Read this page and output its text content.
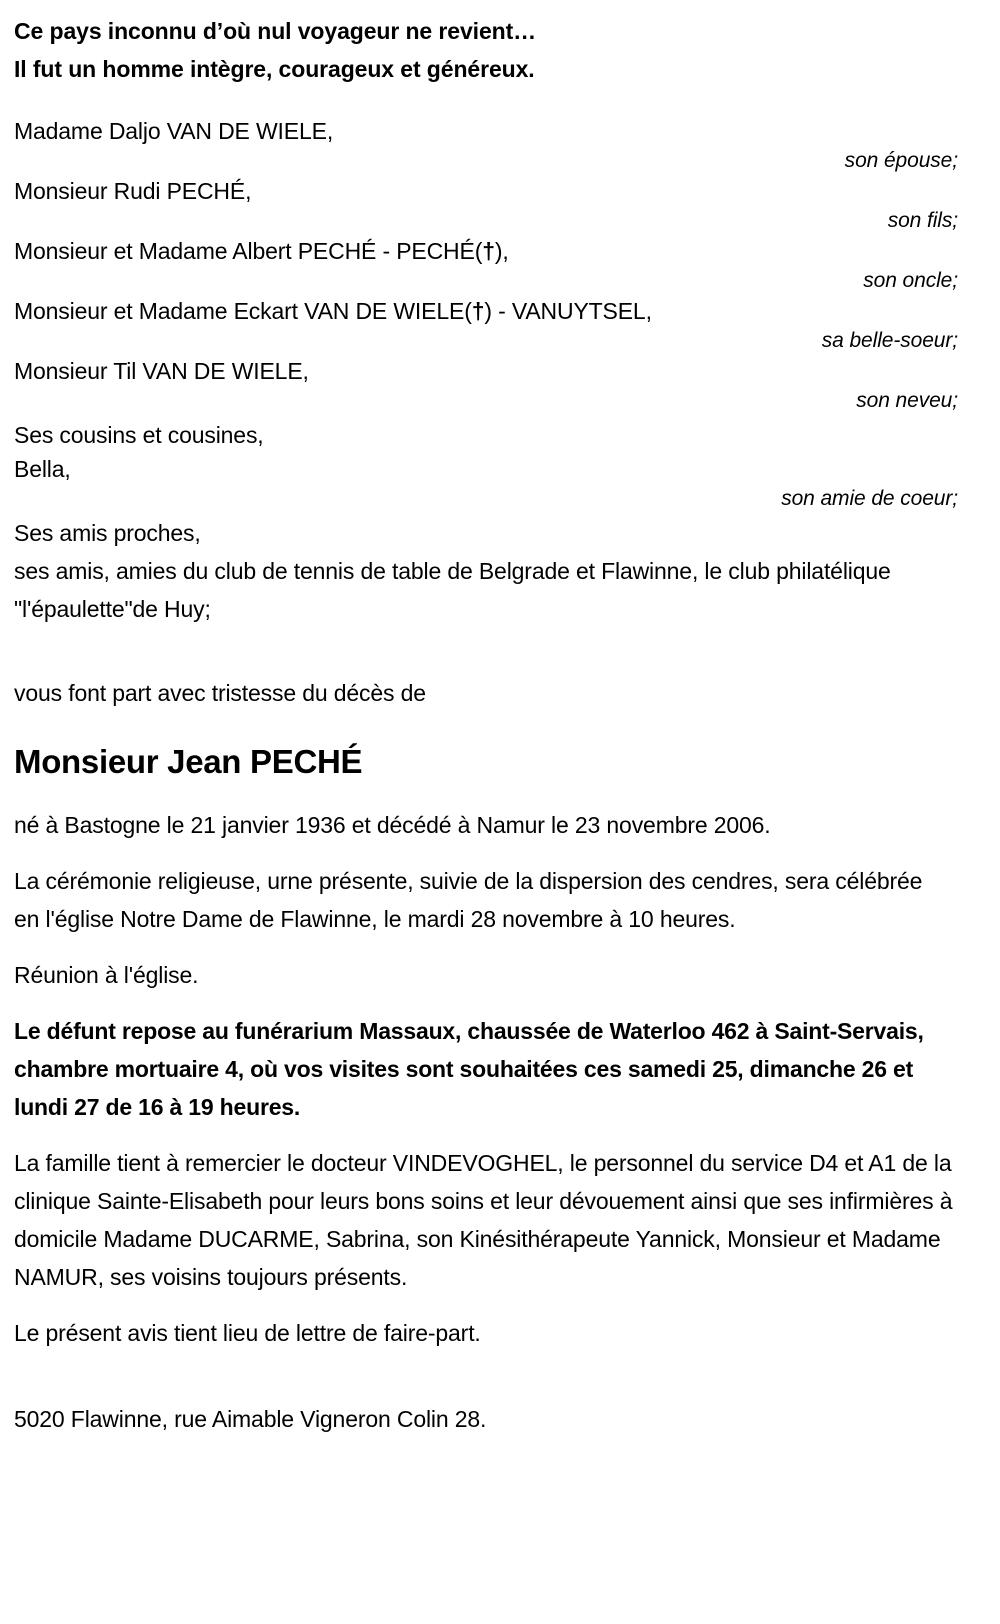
Ce pays inconnu d’où nul voyageur ne revient…

Il fut un homme intègre, courageux et généreux.

Madame Daljo VAN DE WIELE,
son épouse;
Monsieur Rudi PECHÉ,
son fils;
Monsieur et Madame Albert PECHÉ - PECHÉ(†),
son oncle;
Monsieur et Madame Eckart VAN DE WIELE(†) - VANUYTSEL,
sa belle-soeur;
Monsieur Til VAN DE WIELE,
son neveu;
Ses cousins et cousines,
Bella,
son amie de coeur;
Ses amis proches,

ses amis, amies du club de tennis de table de Belgrade et Flawinne, le club philatélique "l'épaulette"de Huy;

vous font part avec tristesse du décès de

Monsieur Jean PECHÉ

né à Bastogne le 21 janvier 1936 et décédé à Namur le 23 novembre 2006.

La cérémonie religieuse, urne présente, suivie de la dispersion des cendres, sera célébrée en l'église Notre Dame de Flawinne, le mardi 28 novembre à 10 heures.

Réunion à l'église.

Le défunt repose au funérarium Massaux, chaussée de Waterloo 462 à Saint-Servais, chambre mortuaire 4, où vos visites sont souhaitées ces samedi 25, dimanche 26 et lundi 27 de 16 à 19 heures.

La famille tient à remercier le docteur VINDEVOGHEL, le personnel du service D4 et A1 de la clinique Sainte-Elisabeth pour leurs bons soins et leur dévouement ainsi que ses infirmières à domicile Madame DUCARME, Sabrina, son Kinésithérapeute Yannick, Monsieur et Madame NAMUR, ses voisins toujours présents.

Le présent avis tient lieu de lettre de faire-part.

5020 Flawinne, rue Aimable Vigneron Colin 28.
